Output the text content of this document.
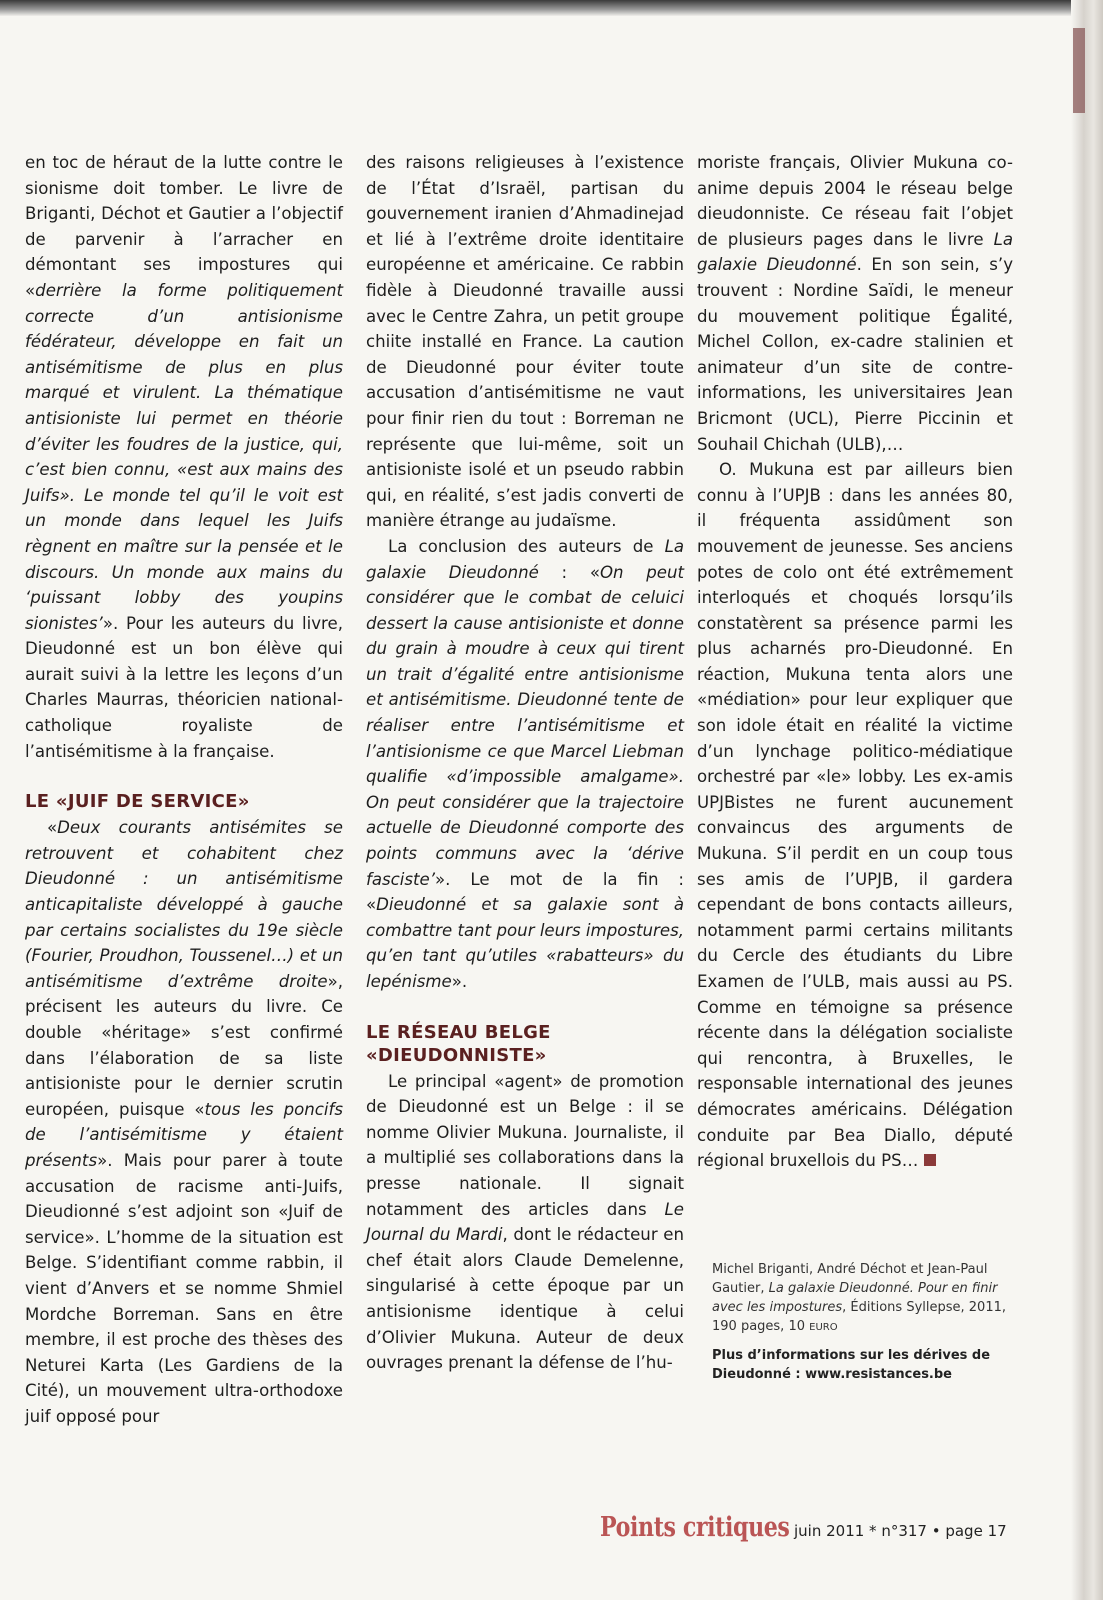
en toc de héraut de la lutte contre le sionisme doit tomber. Le livre de Briganti, Déchot et Gautier a l’objectif de parvenir à l’arracher en démontant ses impostures qui «derrière la forme politiquement correcte d’un antisionisme fédérateur, développe en fait un antisémitisme de plus en plus marqué et virulent. La thématique antisioniste lui permet en théorie d’éviter les foudres de la justice, qui, c’est bien connu, «est aux mains des Juifs». Le monde tel qu’il le voit est un monde dans lequel les Juifs règnent en maître sur la pensée et le discours. Un monde aux mains du ‘puissant lobby des youpins sionistes’». Pour les auteurs du livre, Dieudonné est un bon élève qui aurait suivi à la lettre les leçons d’un Charles Maurras, théoricien national-catholique royaliste de l’antisémitisme à la française.

LE «JUIF DE SERVICE»

«Deux courants antisémites se retrouvent et cohabitent chez Dieudonné : un antisémitisme anticapitaliste développé à gauche par certains socialistes du 19e siècle (Fourier, Proudhon, Toussenel…) et un antisémitisme d’extrême droite», précisent les auteurs du livre. Ce double «héritage» s’est confirmé dans l’élaboration de sa liste antisioniste pour le dernier scrutin européen, puisque «tous les poncifs de l’antisémitisme y étaient présents». Mais pour parer à toute accusation de racisme anti-Juifs, Dieudionné s’est adjoint son «Juif de service». L’homme de la situation est Belge. S’identifiant comme rabbin, il vient d’Anvers et se nomme Shmiel Mordche Borreman. Sans en être membre, il est proche des thèses des Neturei Karta (Les Gardiens de la Cité), un mouvement ultra-orthodoxe juif opposé pour

des raisons religieuses à l’existence de l’État d’Israël, partisan du gouvernement iranien d’Ahmadinejad et lié à l’extrême droite identitaire européenne et américaine. Ce rabbin fidèle à Dieudonné travaille aussi avec le Centre Zahra, un petit groupe chiite installé en France. La caution de Dieudonné pour éviter toute accusation d’antisémitisme ne vaut pour finir rien du tout : Borreman ne représente que lui-même, soit un antisioniste isolé et un pseudo rabbin qui, en réalité, s’est jadis converti de manière étrange au judaïsme.

La conclusion des auteurs de La galaxie Dieudonné : «On peut considérer que le combat de celuici dessert la cause antisioniste et donne du grain à moudre à ceux qui tirent un trait d’égalité entre antisionisme et antisémitisme. Dieudonné tente de réaliser entre l’antisémitisme et l’antisionisme ce que Marcel Liebman qualifie «d’impossible amalgame». On peut considérer que la trajectoire actuelle de Dieudonné comporte des points communs avec la ‘dérive fasciste’». Le mot de la fin : «Dieudonné et sa galaxie sont à combattre tant pour leurs impostures, qu’en tant qu’utiles «rabatteurs» du lepénisme».

LE RÉSEAU BELGE «DIEUDONNISTE»

Le principal «agent» de promotion de Dieudonné est un Belge : il se nomme Olivier Mukuna. Journaliste, il a multiplié ses collaborations dans la presse nationale. Il signait notamment des articles dans Le Journal du Mardi, dont le rédacteur en chef était alors Claude Demelenne, singularisé à cette époque par un antisionisme identique à celui d’Olivier Mukuna. Auteur de deux ouvrages prenant la défense de l’hu-

moriste français, Olivier Mukuna co-anime depuis 2004 le réseau belge dieudonniste. Ce réseau fait l’objet de plusieurs pages dans le livre La galaxie Dieudonné. En son sein, s’y trouvent : Nordine Saïdi, le meneur du mouvement politique Égalité, Michel Collon, ex-cadre stalinien et animateur d’un site de contre-informations, les universitaires Jean Bricmont (UCL), Pierre Piccinin et Souhail Chichah (ULB),…

O. Mukuna est par ailleurs bien connu à l’UPJB : dans les années 80, il fréquenta assidûment son mouvement de jeunesse. Ses anciens potes de colo ont été extrêmement interloqués et choqués lorsqu’ils constatèrent sa présence parmi les plus acharnés pro-Dieudonné. En réaction, Mukuna tenta alors une «médiation» pour leur expliquer que son idole était en réalité la victime d’un lynchage politico-médiatique orchestré par «le» lobby. Les ex-amis UPJBistes ne furent aucunement convaincus des arguments de Mukuna. S’il perdit en un coup tous ses amis de l’UPJB, il gardera cependant de bons contacts ailleurs, notamment parmi certains militants du Cercle des étudiants du Libre Examen de l’ULB, mais aussi au PS. Comme en témoigne sa présence récente dans la délégation socialiste qui rencontra, à Bruxelles, le responsable international des jeunes démocrates américains. Délégation conduite par Bea Diallo, député régional bruxellois du PS…

Michel Briganti, André Déchot et Jean-Paul Gautier, La galaxie Dieudonné. Pour en finir avec les impostures, Éditions Syllepse, 2011, 190 pages, 10 EURO
Plus d’informations sur les dérives de Dieudonné : www.resistances.be
Points critiques juin 2011 * n°317 • page 17
